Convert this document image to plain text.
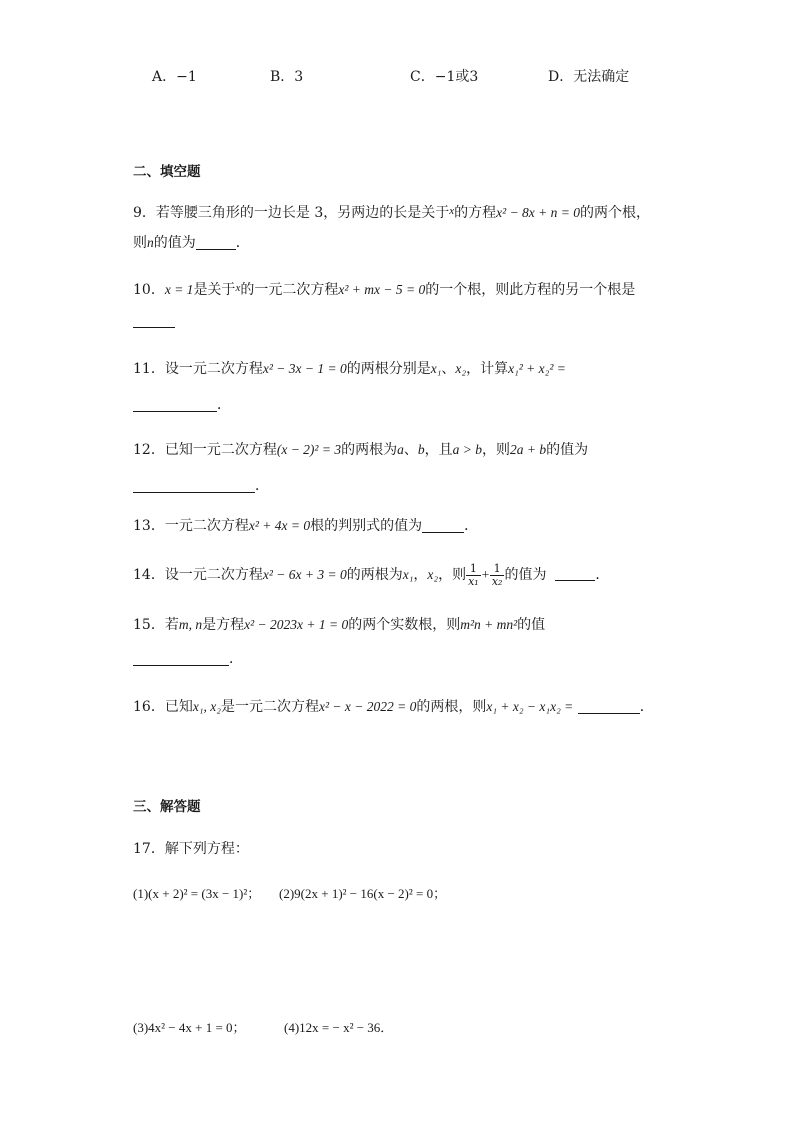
A．−1	B．3	C．−1或3	D．无法确定
二、填空题
9．若等腰三角形的一边长是 3，另两边的长是关于$^x$的方程x² − 8x + n = 0的两个根，
则n的值为	．
10．x = 1是关于$^x$的一元二次方程x² + mx − 5 = 0的一个根，则此方程的另一个根是
11．设一元二次方程x² − 3x − 1 = 0的两根分别是x₁、x₂，计算x₁² + x₂² =
．
12．已知一元二次方程(x − 2)² = 3的两根为a、b，且a > b，则2a + b的值为
．
13．一元二次方程x² + 4x = 0根的判别式的值为	．
14．设一元二次方程x² − 6x + 3 = 0的两根为x₁，x₂，则 $\frac{1}{\text{x₁}} + \frac{1}{\text{x₂}}$ 的值为	．
15．若m, n是方程x² − 2023x + 1 = 0的两个实数根，则m²n + mn²的值
．
16．已知x₁, x₂是一元二次方程x² − x − 2022 = 0的两根，则x₁ + x₂ − x₁x₂ =	．
三、解答题
17．解下列方程：
(1)(x + 2)² = (3x − 1)²； (2)9(2x + 1)² − 16(x − 2)² = 0；
(3)4x² − 4x + 1 = 0；	(4)12x = − x² − 36．
